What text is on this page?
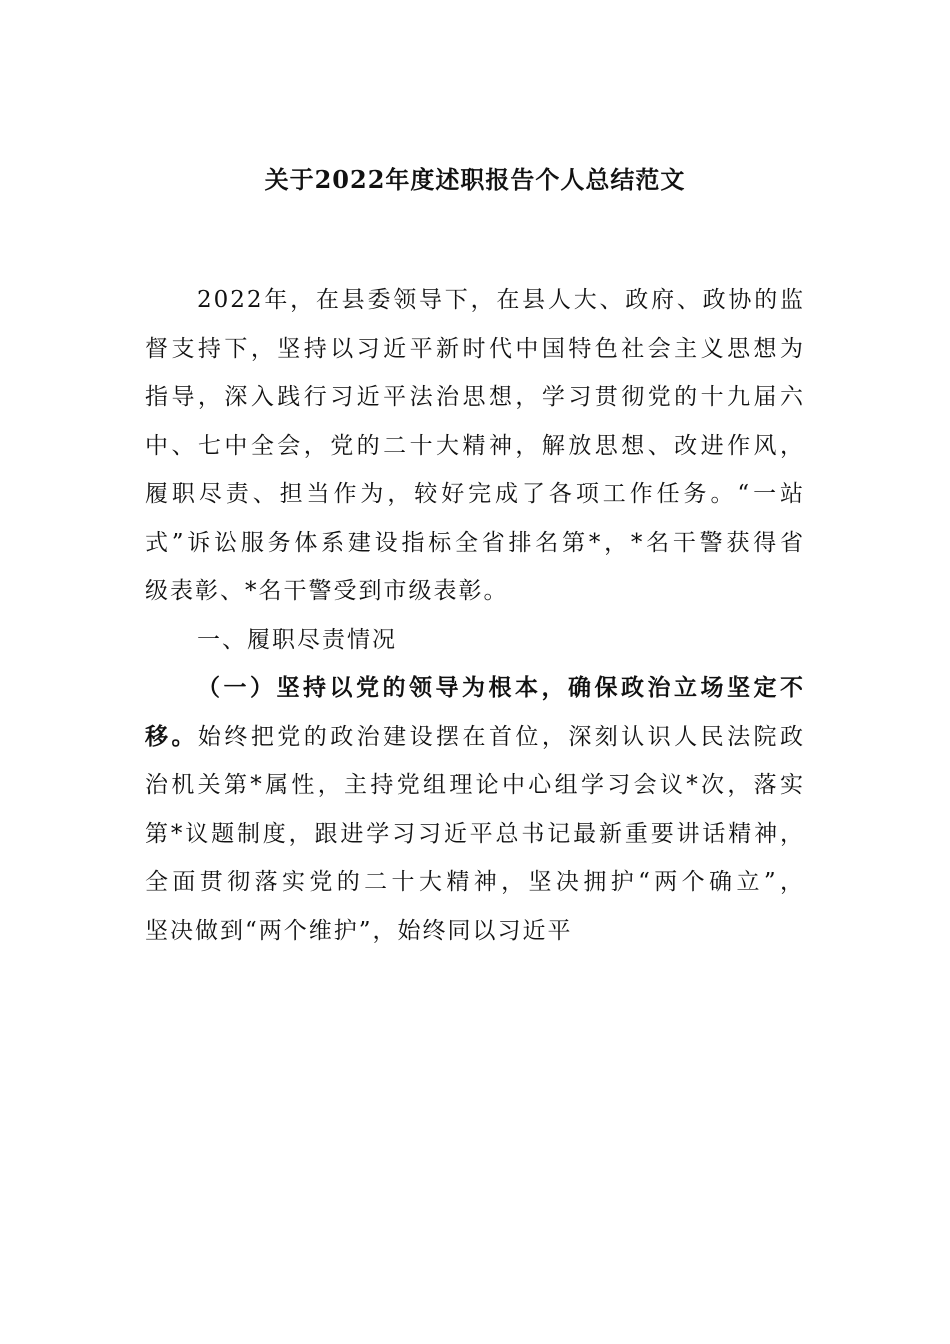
关于2022年度述职报告个人总结范文
2022年，在县委领导下，在县人大、政府、政协的监
督支持下，坚持以习近平新时代中国特色社会主义思想为
指导，深入践行习近平法治思想，学习贯彻党的十九届六
中、七中全会，党的二十大精神，解放思想、改进作风，
履职尽责、担当作为，较好完成了各项工作任务。“一站
式”诉讼服务体系建设指标全省排名第*，*名干警获得省
级表彰、*名干警受到市级表彰。
一、履职尽责情况
（一）坚持以党的领导为根本，确保政治立场坚定不
移。始终把党的政治建设摆在首位，深刻认识人民法院政
治机关第*属性，主持党组理论中心组学习会议*次，落实
第*议题制度，跟进学习习近平总书记最新重要讲话精神，
全面贯彻落实党的二十大精神，坚决拥护“两个确立”，
坚决做到“两个维护”，始终同以习近平
